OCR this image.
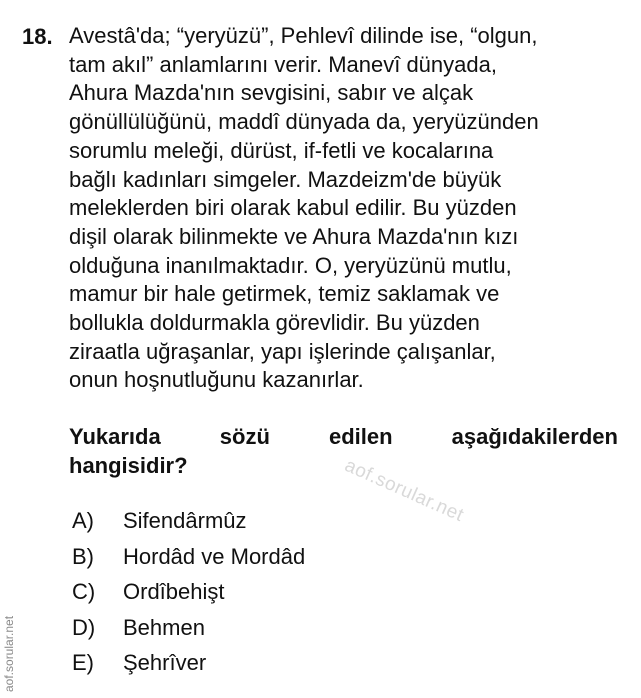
18. Avestâ'da; “yeryüzü”, Pehlevî dilinde ise, “olgun,
tam akıl” anlamlarını verir. Manevî dünyada,
Ahura Mazda'nın sevgisini, sabır ve alçak
gönüllülüğünü, maddî dünyada da, yeryüzünden
sorumlu meleği, dürüst, if-fetli ve kocalarına
bağlı kadınları simgeler. Mazdeizm'de büyük
meleklerden biri olarak kabul edilir. Bu yüzden
dişil olarak bilinmekte ve Ahura Mazda'nın kızı
olduğuna inanılmaktadır. O, yeryüzünü mutlu,
mamur bir hale getirmek, temiz saklamak ve
bollukla doldurmakla görevlidir. Bu yüzden
ziraatla uğraşanlar, yapı işlerinde çalışanlar,
onun hoşnutluğunu kazanırlar.
Yukarıda	sözü	edilen	aşağıdakilerden
hangisidir?	aof.sorular.net
A)	Sifendârmûz
B)	Hordâd ve Mordâd
C)	Ordîbehişt
D)	Behmen
E)	Şehrîver
aof.sorular.net
